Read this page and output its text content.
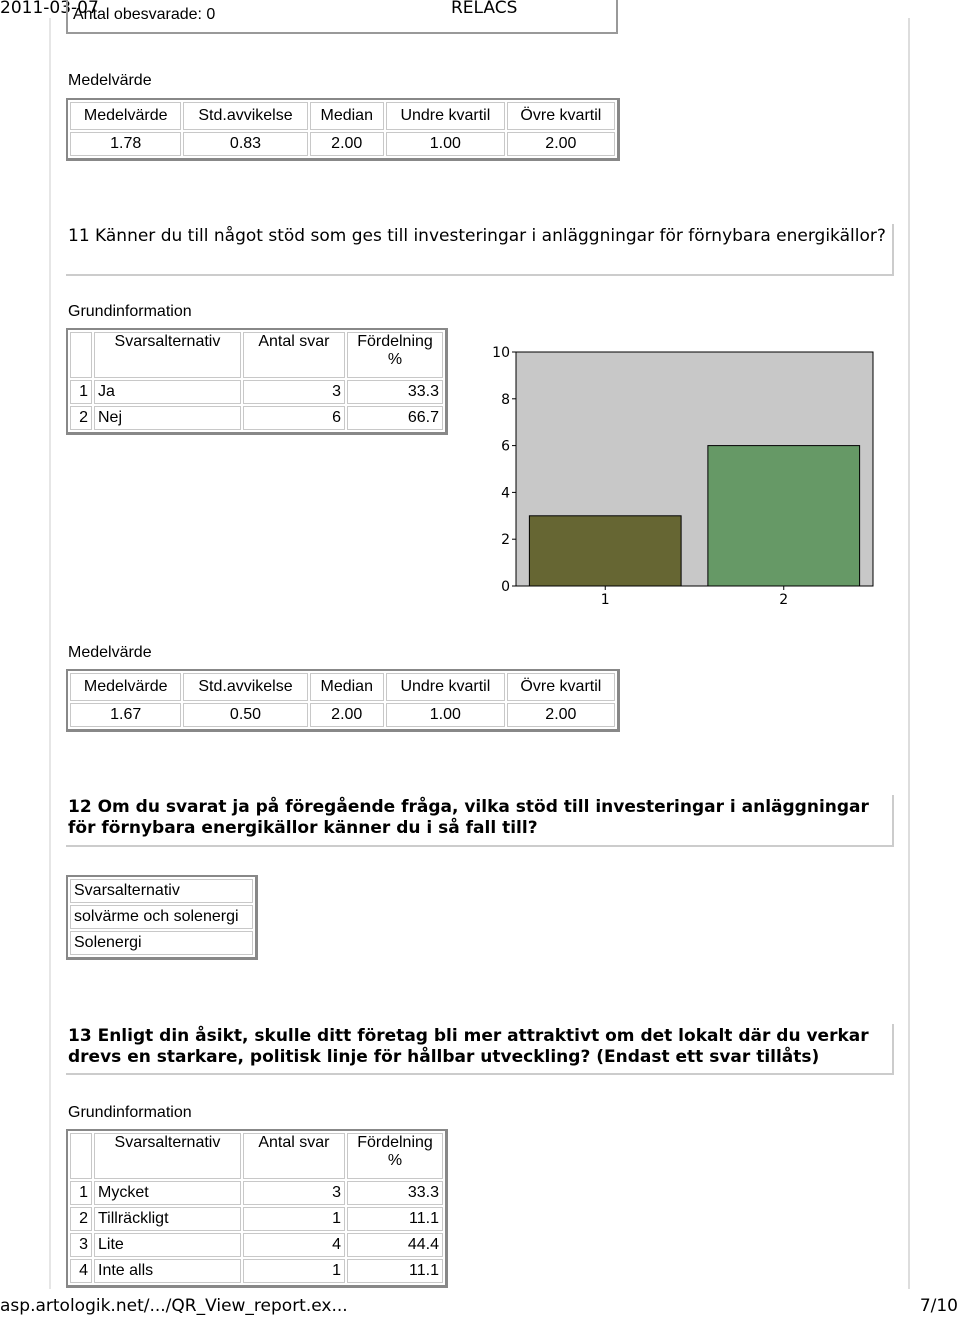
2011-03-07	RELACS
Antal obesvarade: 0
Medelvärde
Medelvärde	Std.avvikelse	Median	Undre kvartil	Övre kvartil
1.78	0.83	2.00	1.00	2.00
11 Känner du till något stöd som ges till investeringar i anläggningar för förnybara energikällor?
Grundinformation
	Svarsalternativ	Antal svar	Fördelning %
1	Ja	3	33.3
2	Nej	6	66.7
0
2
4
6
8
10
1	2
Medelvärde
Medelvärde	Std.avvikelse	Median	Undre kvartil	Övre kvartil
1.67	0.50	2.00	1.00	2.00
12 Om du svarat ja på föregående fråga, vilka stöd till investeringar i anläggningar för förnybara energikällor känner du i så fall till?
Svarsalternativ
solvärme och solenergi
Solenergi
13 Enligt din åsikt, skulle ditt företag bli mer attraktivt om det lokalt där du verkar drevs en starkare, politisk linje för hållbar utveckling? (Endast ett svar tillåts)
Grundinformation
	Svarsalternativ	Antal svar	Fördelning %
1	Mycket	3	33.3
2	Tillräckligt	1	11.1
3	Lite	4	44.4
4	Inte alls	1	11.1
asp.artologik.net/.../QR_View_report.ex...	7/10
